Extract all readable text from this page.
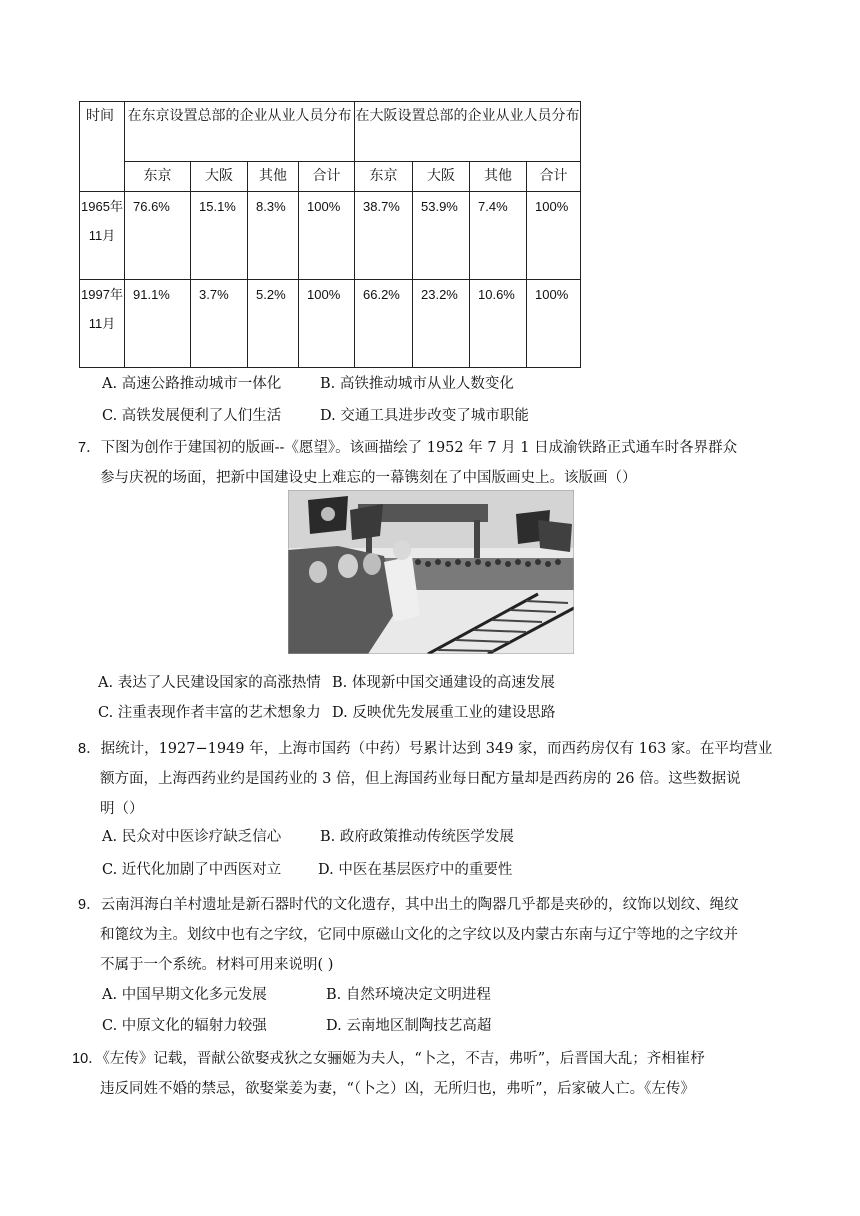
时间	在东京设置总部的企业从业人员分布				在大阪设置总部的企业从业人员分布			
	东京	大阪	其他	合计	东京	大阪	其他	合计
1965年11月	76.6%	15.1%	8.3%	100%	38.7%	53.9%	7.4%	100%
1997年11月	91.1%	3.7%	5.2%	100%	66.2%	23.2%	10.6%	100%
A. 高速公路推动城市一体化	B. 高铁推动城市从业人数变化
C. 高铁发展便利了人们生活	D. 交通工具进步改变了城市职能
7．下图为创作于建国初的版画--《愿望》。该画描绘了 1952 年 7 月 1 日成渝铁路正式通车时各界群众
参与庆祝的场面，把新中国建设史上难忘的一幕镌刻在了中国版画史上。该版画（）
A. 表达了人民建设国家的高涨热情 B. 体现新中国交通建设的高速发展
C. 注重表现作者丰富的艺术想象力 D. 反映优先发展重工业的建设思路
8．据统计，1927−1949 年，上海市国药（中药）号累计达到 349 家，而西药房仅有 163 家。在平均营业
额方面，上海西药业约是国药业的 3 倍，但上海国药业每日配方量却是西药房的 26 倍。这些数据说
明（）
A. 民众对中医诊疗缺乏信心	B. 政府政策推动传统医学发展
C. 近代化加剧了中西医对立	D. 中医在基层医疗中的重要性
9．云南洱海白羊村遗址是新石器时代的文化遗存，其中出土的陶器几乎都是夹砂的，纹饰以划纹、绳纹
和篦纹为主。划纹中也有之字纹，它同中原磁山文化的之字纹以及内蒙古东南与辽宁等地的之字纹并
不属于一个系统。材料可用来说明( )
A. 中国早期文化多元发展	B. 自然环境决定文明进程
C. 中原文化的辐射力较强	D. 云南地区制陶技艺高超
10．《左传》记载，晋献公欲娶戎狄之女骊姬为夫人，“卜之，不吉，弗听”，后晋国大乱；齐相崔杼
违反同姓不婚的禁忌，欲娶棠姜为妻，“（卜之）凶，无所归也，弗听”，后家破人亡。《左传》
